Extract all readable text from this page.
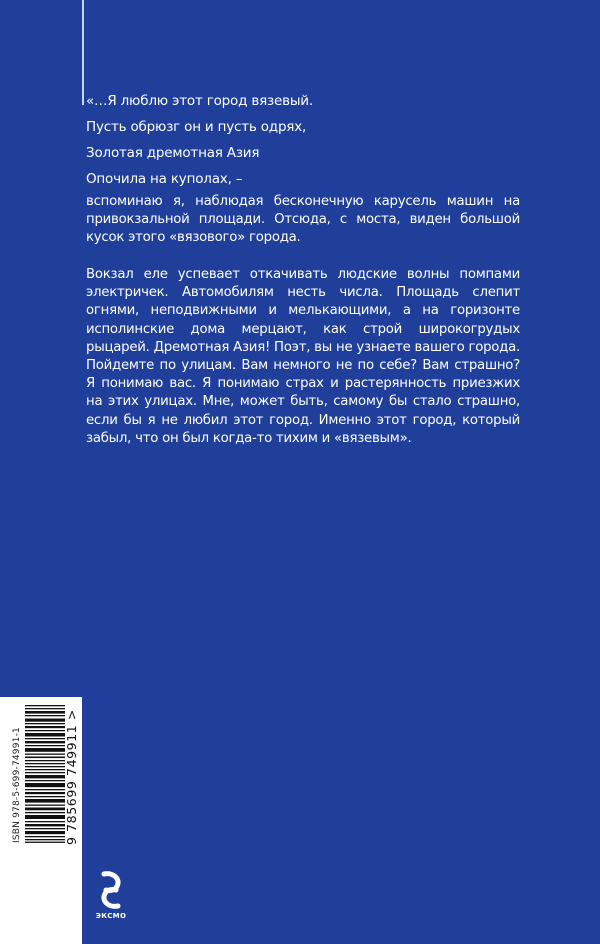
«…Я люблю этот город вязевый.
Пусть обрюзг он и пусть одрях,
Золотая дремотная Азия
Опочила на куполах, –
вспоминаю я, наблюдая бесконечную карусель машин на привокзальной площади. Отсюда, с моста, виден большой кусок этого «вязового» города.
Вокзал еле успевает откачивать людские волны помпами электричек. Автомобилям несть числа. Площадь слепит огнями, неподвижными и мелькающими, а на горизонте исполинские дома мерцают, как строй широкогрудых рыцарей. Дремотная Азия! Поэт, вы не узнаете вашего города. Пойдемте по улицам. Вам немного не по себе? Вам страшно? Я понимаю вас. Я понимаю страх и растерянность приезжих на этих улицах. Мне, может быть, самому бы стало страшно, если бы я не любил этот город. Именно этот город, который забыл, что он был когда-то тихим и «вязевым».
ISBN 978-5-699-74991-1	9 785699 749911 >
ЭКСМО
